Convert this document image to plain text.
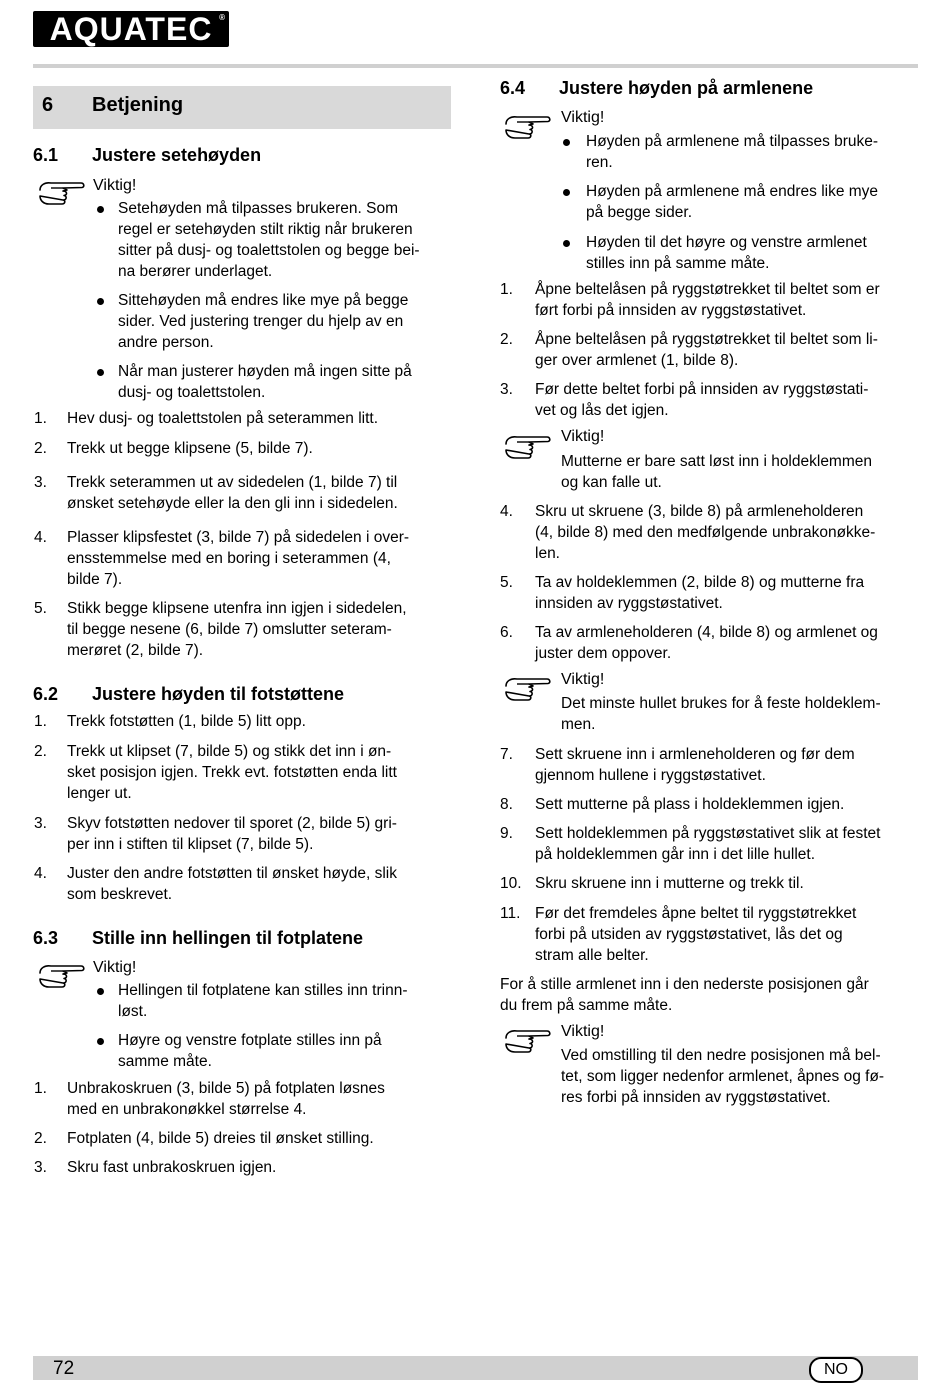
AQUATEC ®
6 Betjening
6.1 Justere setehøyden
Viktig!
Setehøyden må tilpasses brukeren. Som
regel er setehøyden stilt riktig når brukeren
sitter på dusj- og toalettstolen og begge bei-
na berører underlaget.
Sittehøyden må endres like mye på begge
sider. Ved justering trenger du hjelp av en
andre person.
Når man justerer høyden må ingen sitte på
dusj- og toalettstolen.
1. Hev dusj- og toalettstolen på seterammen litt.
2. Trekk ut begge klipsene (5, bilde 7).
3. Trekk seterammen ut av sidedelen (1, bilde 7) til
ønsket setehøyde eller la den gli inn i sidedelen.
4. Plasser klipsfestet (3, bilde 7) på sidedelen i over-
ensstemmelse med en boring i seterammen (4,
bilde 7).
5. Stikk begge klipsene utenfra inn igjen i sidedelen,
til begge nesene (6, bilde 7) omslutter seteram-
merøret (2, bilde 7).
6.2 Justere høyden til fotstøttene
1. Trekk fotstøtten (1, bilde 5) litt opp.
2. Trekk ut klipset (7, bilde 5) og stikk det inn i øn-
sket posisjon igjen. Trekk evt. fotstøtten enda litt
lenger ut.
3. Skyv fotstøtten nedover til sporet (2, bilde 5) gri-
per inn i stiften til klipset (7, bilde 5).
4. Juster den andre fotstøtten til ønsket høyde, slik
som beskrevet.
6.3 Stille inn hellingen til fotplatene
Viktig!
Hellingen til fotplatene kan stilles inn trinn-
løst.
Høyre og venstre fotplate stilles inn på
samme måte.
1. Unbrakoskruen (3, bilde 5) på fotplaten løsnes
med en unbrakonøkkel størrelse 4.
2. Fotplaten (4, bilde 5) dreies til ønsket stilling.
3. Skru fast unbrakoskruen igjen.
6.4 Justere høyden på armlenene
Viktig!
Høyden på armlenene må tilpasses bruke-
ren.
Høyden på armlenene må endres like mye
på begge sider.
Høyden til det høyre og venstre armlenet
stilles inn på samme måte.
1. Åpne beltelåsen på ryggstøtrekket til beltet som er
ført forbi på innsiden av ryggstøstativet.
2. Åpne beltelåsen på ryggstøtrekket til beltet som li-
ger over armlenet (1, bilde 8).
3. Før dette beltet forbi på innsiden av ryggstøstati-
vet og lås det igjen.
Viktig!
Mutterne er bare satt løst inn i holdeklemmen
og kan falle ut.
4. Skru ut skruene (3, bilde 8) på armleneholderen
(4, bilde 8) med den medfølgende unbrakonøkke-
len.
5. Ta av holdeklemmen (2, bilde 8) og mutterne fra
innsiden av ryggstøstativet.
6. Ta av armleneholderen (4, bilde 8) og armlenet og
juster dem oppover.
Viktig!
Det minste hullet brukes for å feste holdeklem-
men.
7. Sett skruene inn i armleneholderen og før dem
gjennom hullene i ryggstøstativet.
8. Sett mutterne på plass i holdeklemmen igjen.
9. Sett holdeklemmen på ryggstøstativet slik at festet
på holdeklemmen går inn i det lille hullet.
10. Skru skruene inn i mutterne og trekk til.
11. Før det fremdeles åpne beltet til ryggstøtrekket
forbi på utsiden av ryggstøstativet, lås det og
stram alle belter.
For å stille armlenet inn i den nederste posisjonen går
du frem på samme måte.
Viktig!
Ved omstilling til den nedre posisjonen må bel-
tet, som ligger nedenfor armlenet, åpnes og fø-
res forbi på innsiden av ryggstøstativet.
72	NO
